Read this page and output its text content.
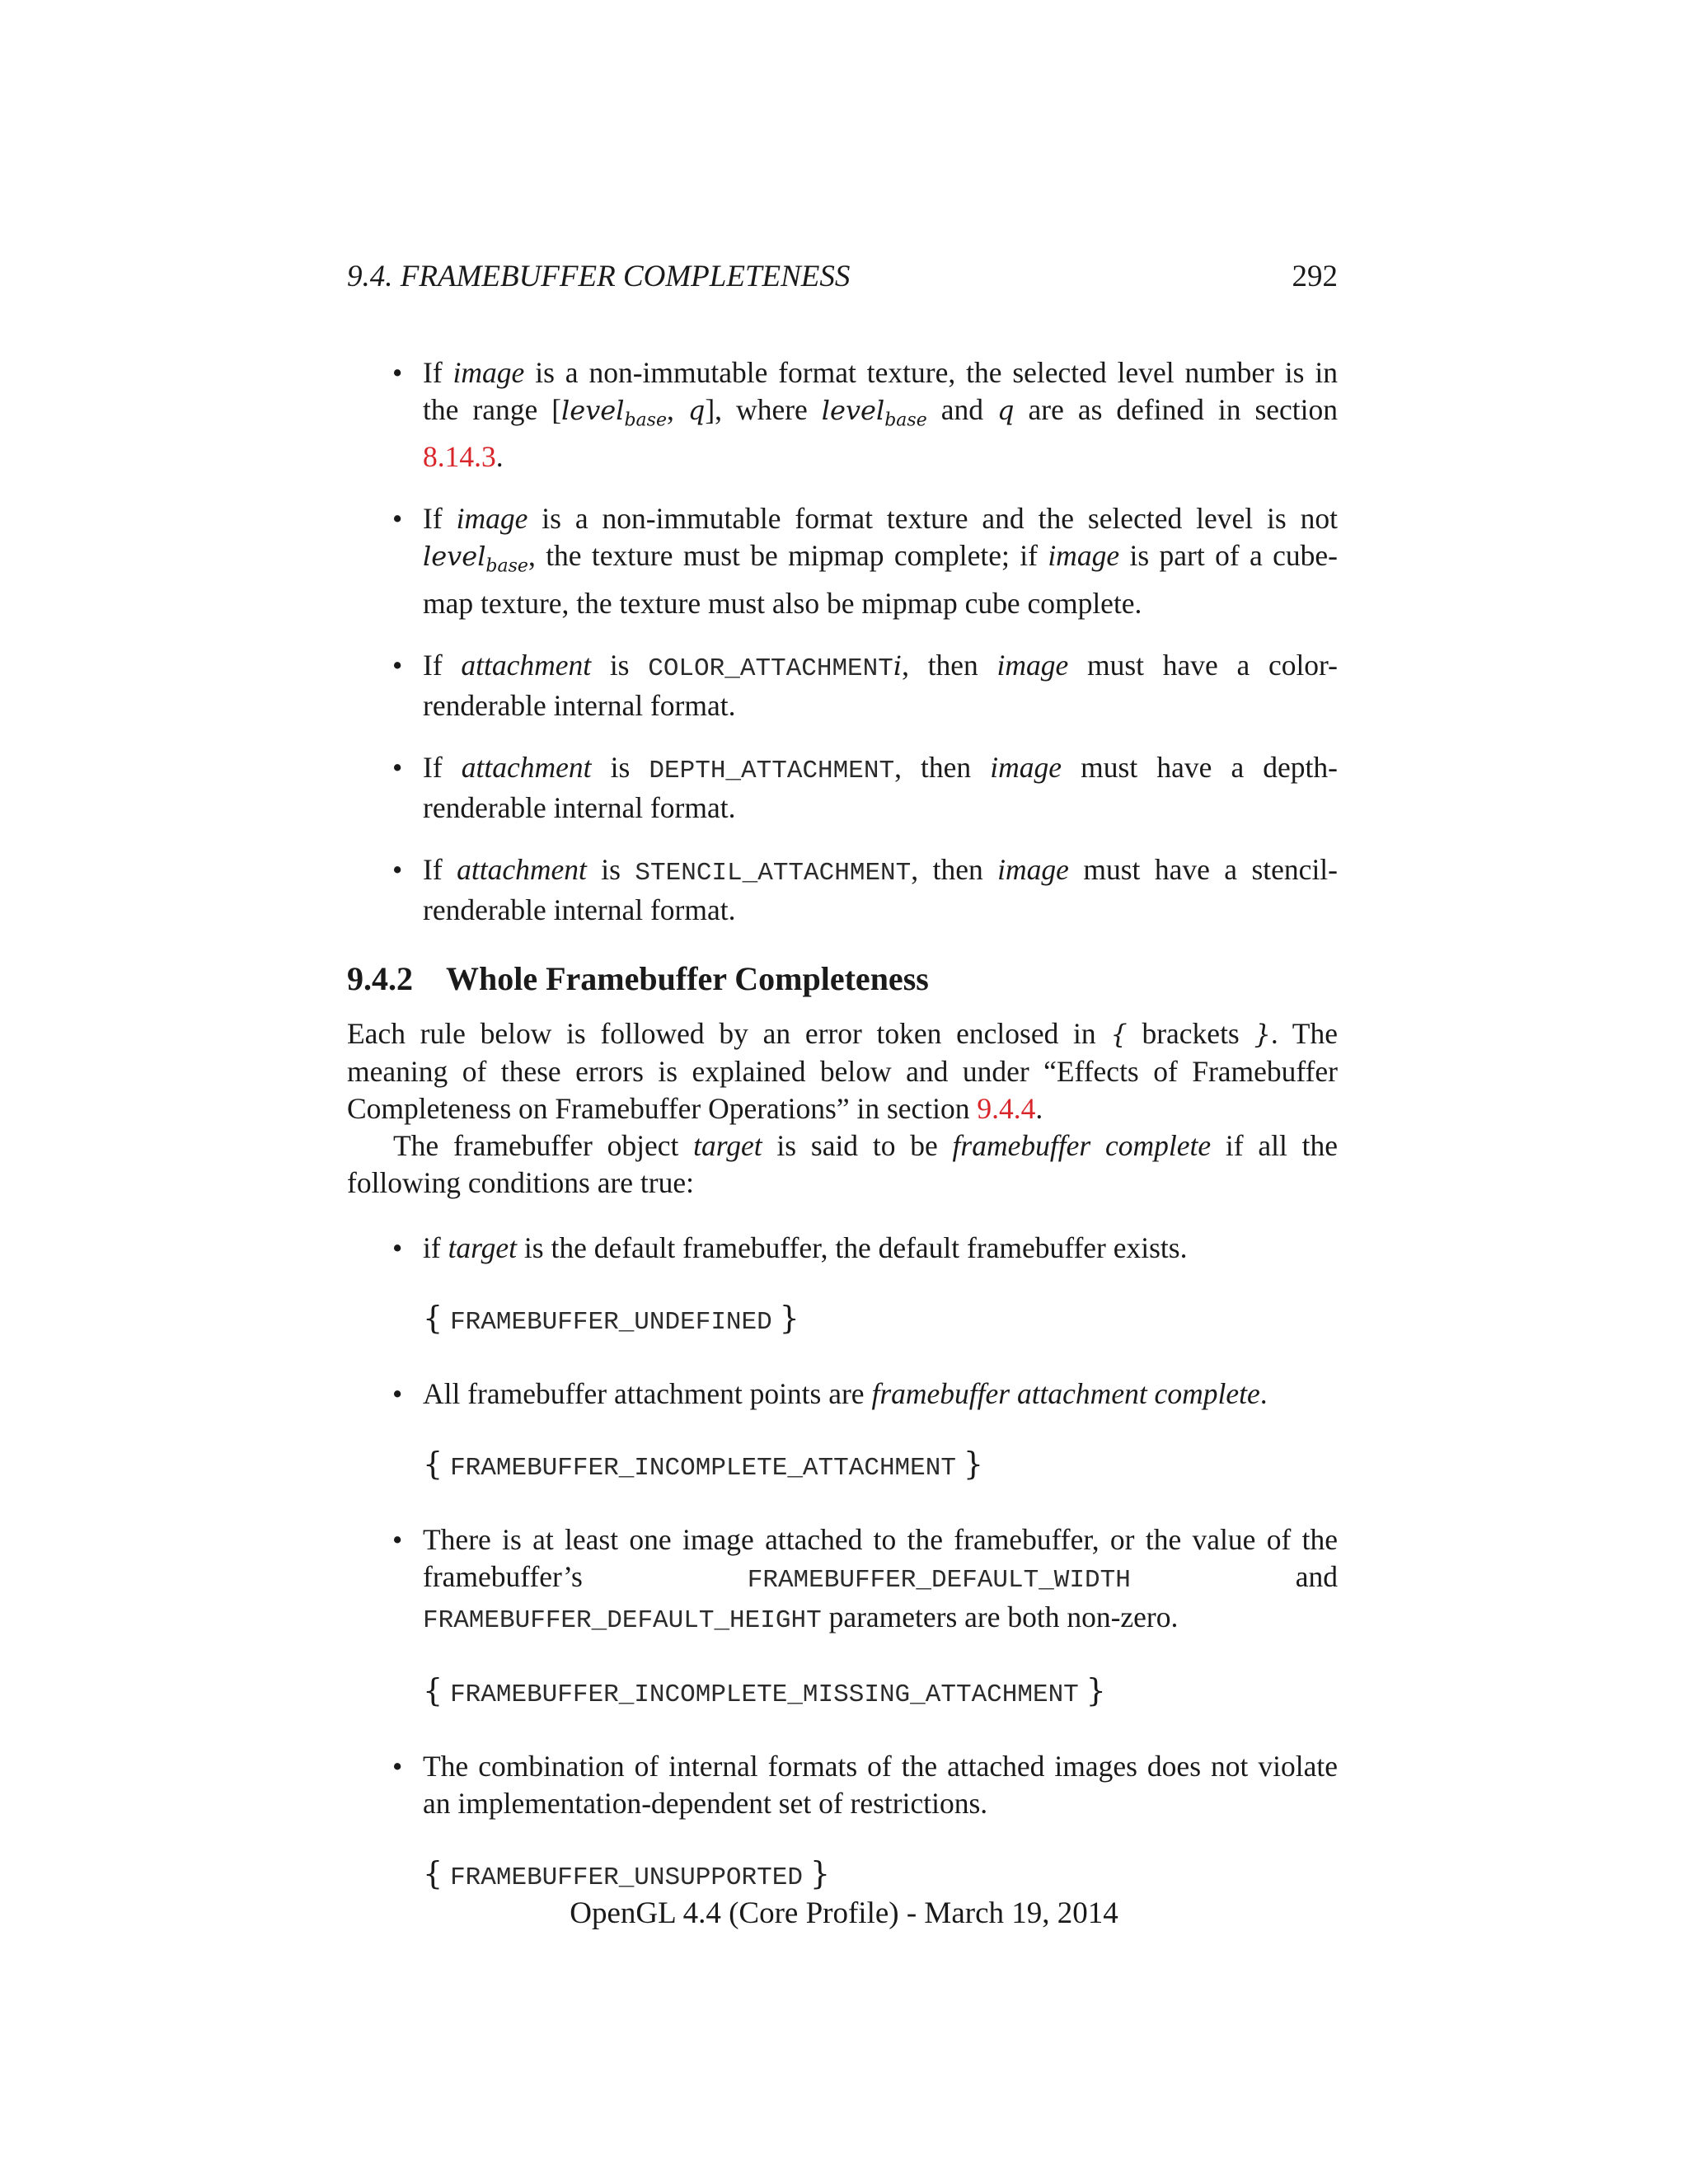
9.4. FRAMEBUFFER COMPLETENESS	292
• If image is a non-immutable format texture, the selected level number is in the range [level$_{base}$, q], where level$_{base}$ and q are as defined in section 8.14.3.
• If image is a non-immutable format texture and the selected level is not level$_{base}$, the texture must be mipmap complete; if image is part of a cube-map texture, the texture must also be mipmap cube complete.
• If attachment is COLOR_ATTACHMENTi, then image must have a color-renderable internal format.
• If attachment is DEPTH_ATTACHMENT, then image must have a depth-renderable internal format.
• If attachment is STENCIL_ATTACHMENT, then image must have a stencil-renderable internal format.
9.4.2	Whole Framebuffer Completeness

Each rule below is followed by an error token enclosed in { brackets }. The meaning of these errors is explained below and under “Effects of Framebuffer Completeness on Framebuffer Operations” in section 9.4.4.

The framebuffer object target is said to be framebuffer complete if all the following conditions are true:

• if target is the default framebuffer, the default framebuffer exists.
{ FRAMEBUFFER_UNDEFINED }
• All framebuffer attachment points are framebuffer attachment complete.
{ FRAMEBUFFER_INCOMPLETE_ATTACHMENT }
• There is at least one image attached to the framebuffer, or the value of the framebuffer’s FRAMEBUFFER_DEFAULT_WIDTH and FRAMEBUFFER_DEFAULT_HEIGHT parameters are both non-zero.
{ FRAMEBUFFER_INCOMPLETE_MISSING_ATTACHMENT }
• The combination of internal formats of the attached images does not violate an implementation-dependent set of restrictions.
{ FRAMEBUFFER_UNSUPPORTED }
OpenGL 4.4 (Core Profile) - March 19, 2014
